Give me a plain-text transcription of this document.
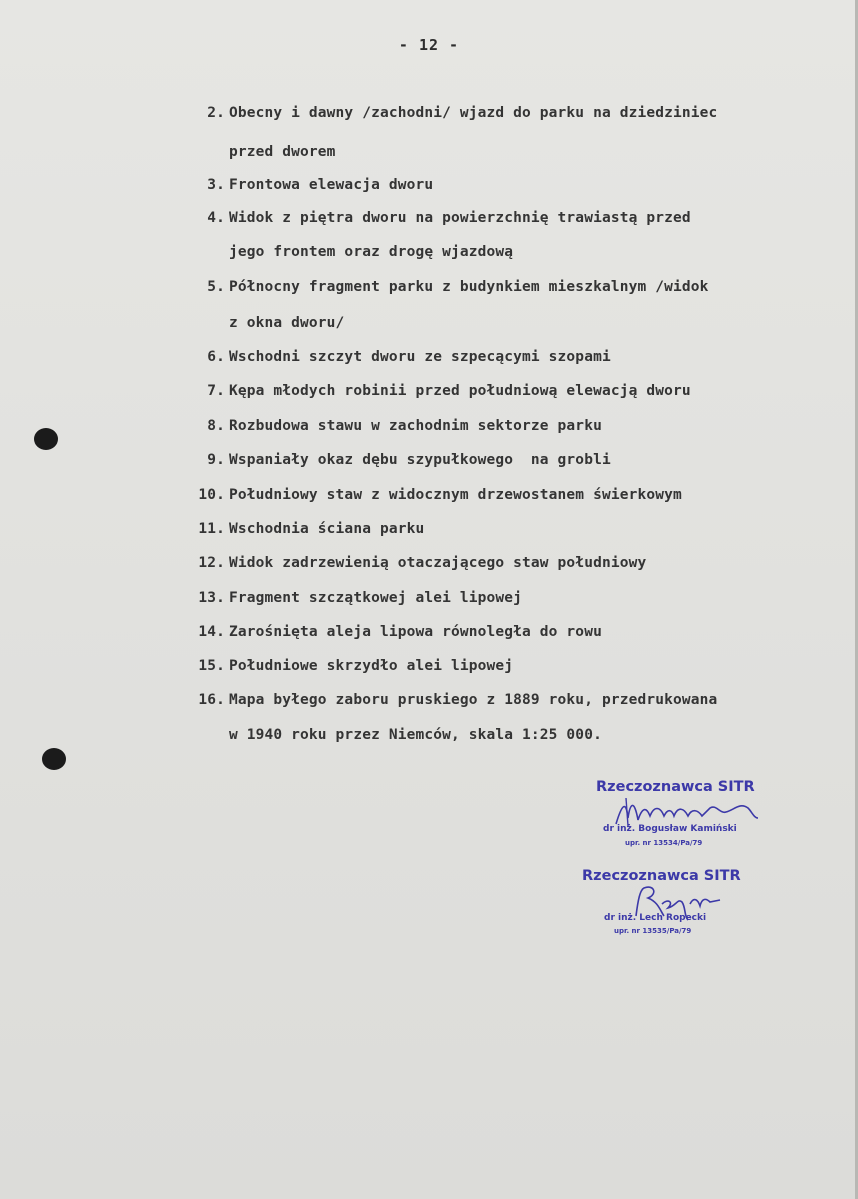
- 12 -
2. Obecny i dawny /zachodni/ wjazd do parku na dziedziniec
przed dworem
3. Frontowa elewacja dworu
4. Widok z piętra dworu na powierzchnię trawiastą przed
jego frontem oraz drogę wjazdową
5. Północny fragment parku z budynkiem mieszkalnym /widok
z okna dworu/
6. Wschodni szczyt dworu ze szpecącymi szopami
7. Kępa młodych robinii przed południową elewacją dworu
8. Rozbudowa stawu w zachodnim sektorze parku
9. Wspaniały okaz dębu szypułkowego  na grobli
10. Południowy staw z widocznym drzewostanem świerkowym
11. Wschodnia ściana parku
12. Widok zadrzewienią otaczającego staw południowy
13. Fragment szczątkowej alei lipowej
14. Zarośnięta aleja lipowa równoległa do rowu
15. Południowe skrzydło alei lipowej
16. Mapa byłego zaboru pruskiego z 1889 roku, przedrukowana
w 1940 roku przez Niemców, skala 1:25 000.
Rzeczoznawca SITR
dr inż. Bogusław Kamiński
upr. nr 13534/Pa/79
Rzeczoznawca SITR
dr inż. Lech Ropecki
upr. nr 13535/Pa/79
